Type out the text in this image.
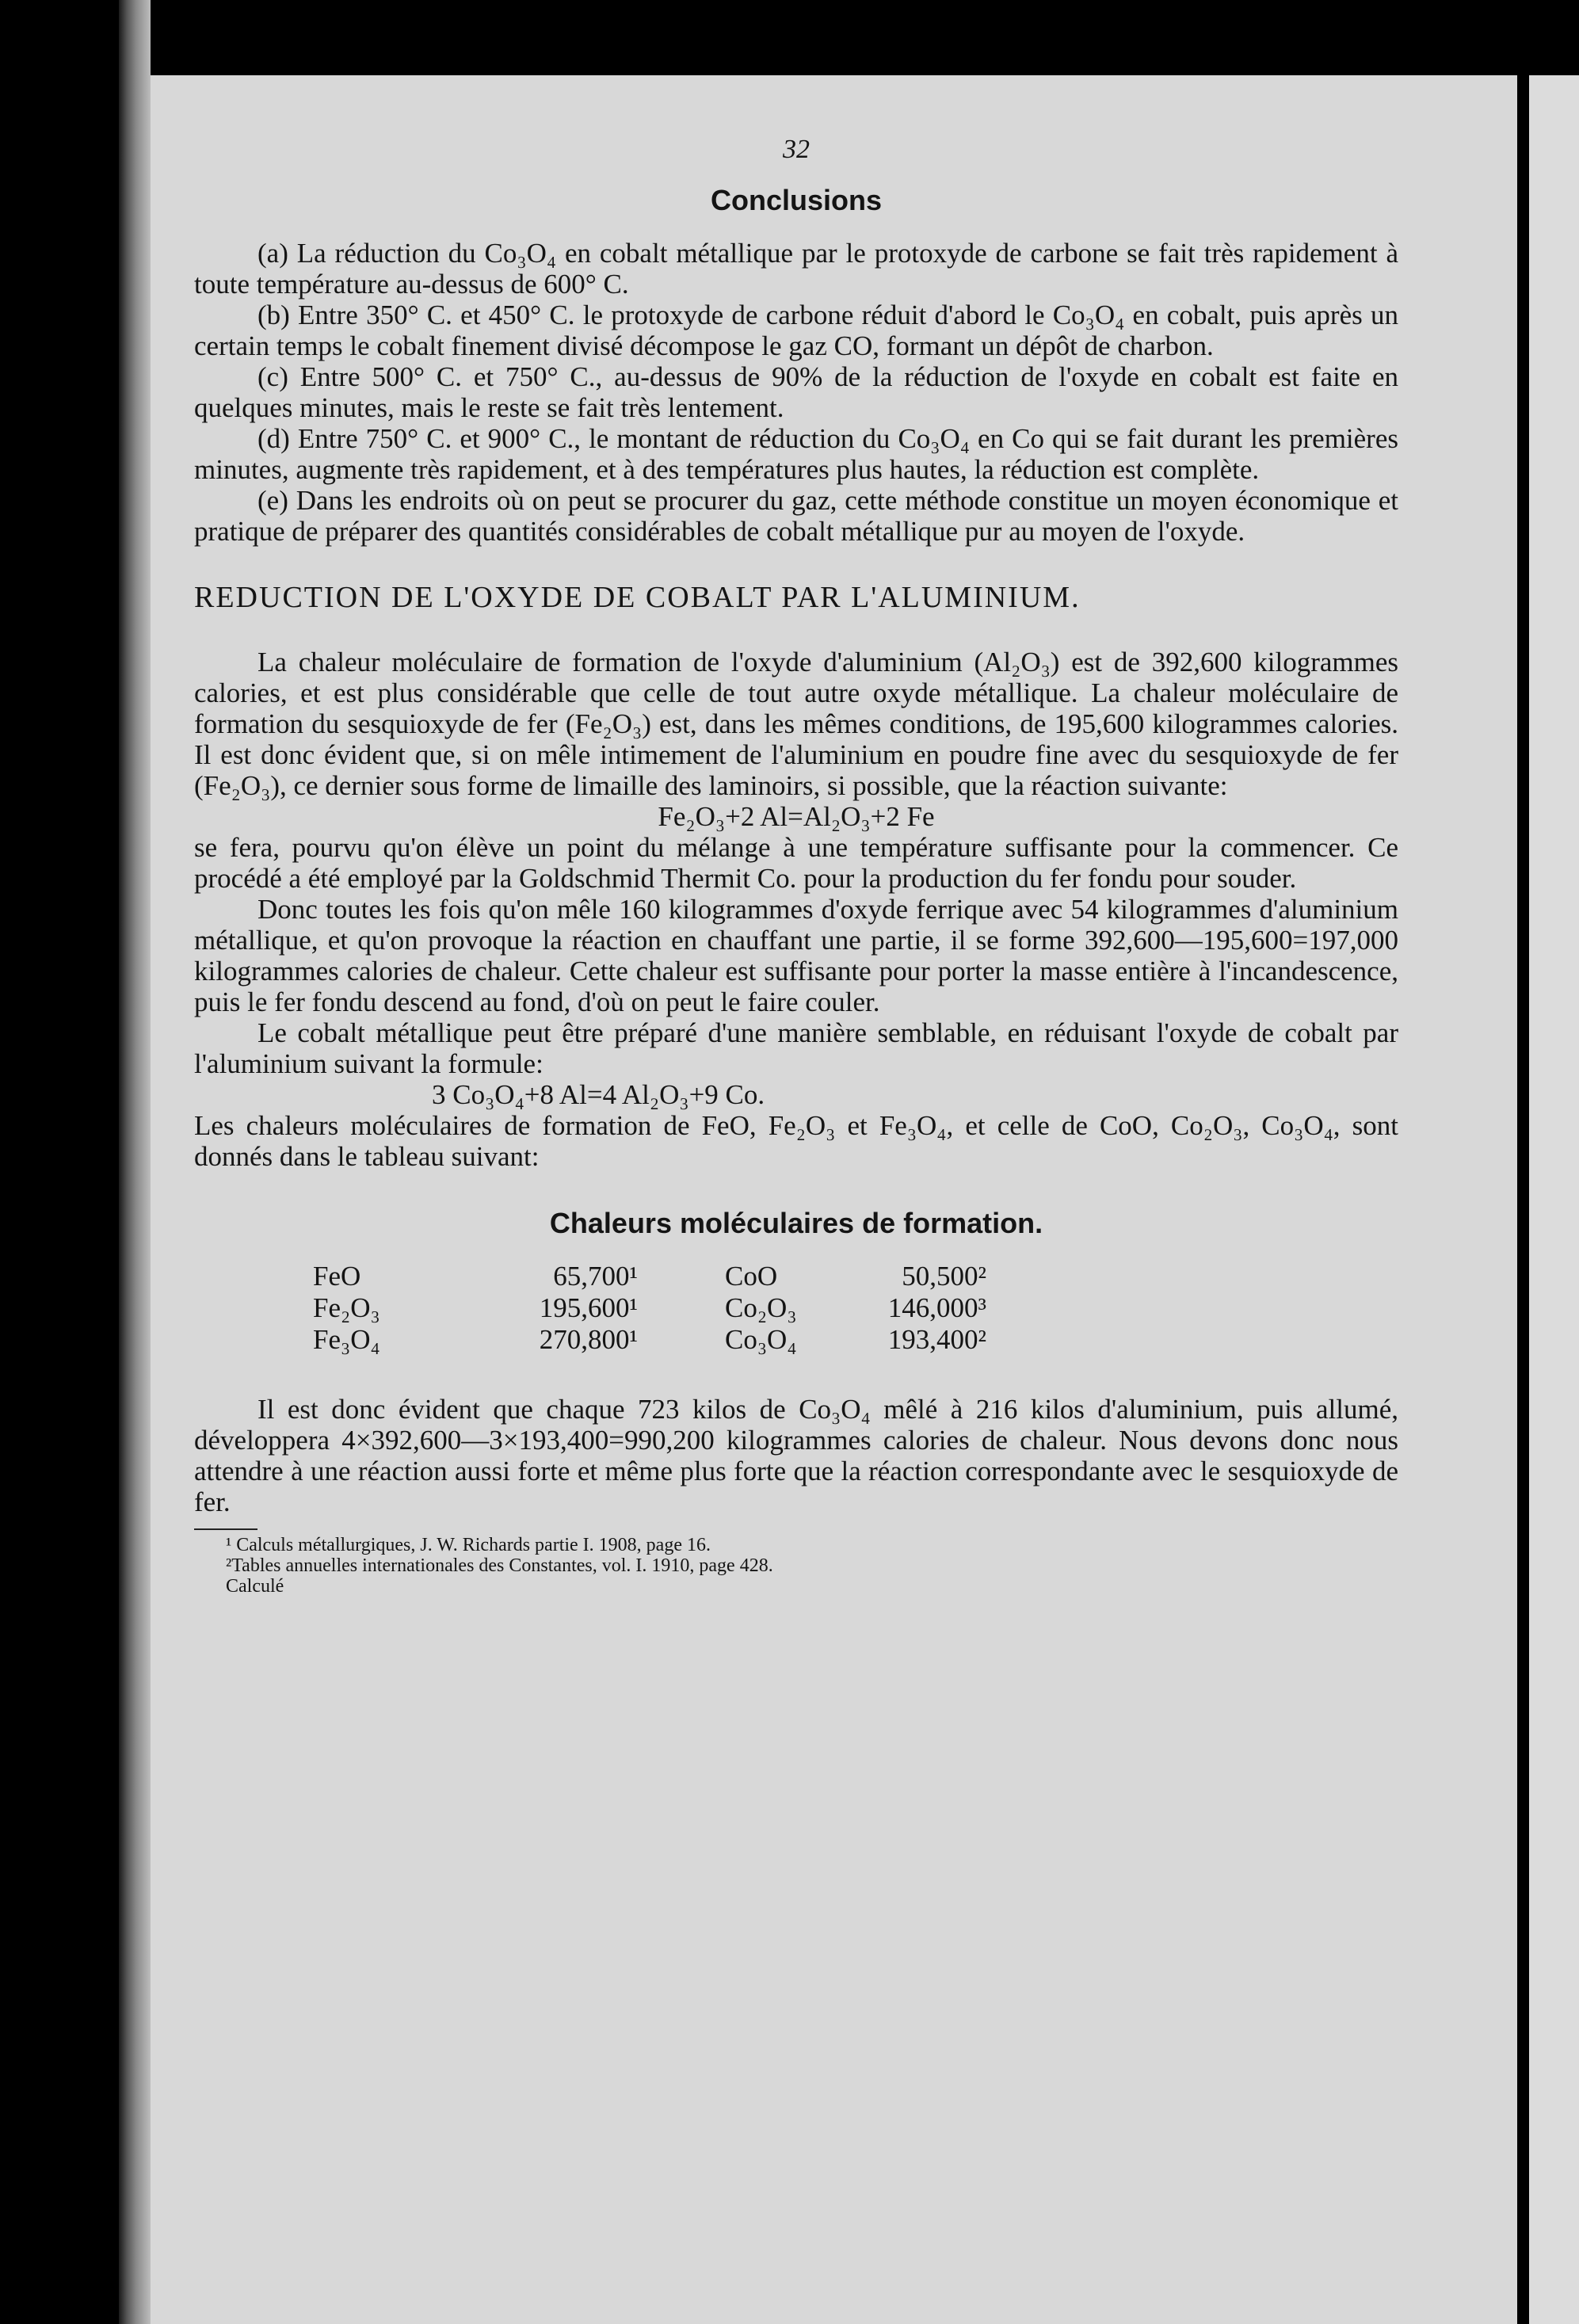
32
Conclusions

(a) La réduction du Co₃O₄ en cobalt métallique par le protoxyde de carbone se fait très rapidement à toute température au-dessus de 600° C.

(b) Entre 350° C. et 450° C. le protoxyde de carbone réduit d'abord le Co₃O₄ en cobalt, puis après un certain temps le cobalt finement divisé décompose le gaz CO, formant un dépôt de charbon.

(c) Entre 500° C. et 750° C., au-dessus de 90% de la réduction de l'oxyde en cobalt est faite en quelques minutes, mais le reste se fait très lentement.

(d) Entre 750° C. et 900° C., le montant de réduction du Co₃O₄ en Co qui se fait durant les premières minutes, augmente très rapidement, et à des températures plus hautes, la réduction est complète.

(e) Dans les endroits où on peut se procurer du gaz, cette méthode constitue un moyen économique et pratique de préparer des quantités considérables de cobalt métallique pur au moyen de l'oxyde.

REDUCTION DE L'OXYDE DE COBALT PAR L'ALUMINIUM.

La chaleur moléculaire de formation de l'oxyde d'aluminium (Al₂O₃) est de 392,600 kilogrammes calories, et est plus considérable que celle de tout autre oxyde métallique. La chaleur moléculaire de formation du sesquioxyde de fer (Fe₂O₃) est, dans les mêmes conditions, de 195,600 kilogrammes calories. Il est donc évident que, si on mêle intimement de l'aluminium en poudre fine avec du sesquioxyde de fer (Fe₂O₃), ce dernier sous forme de limaille des laminoirs, si possible, que la réaction suivante:

Fe₂O₃+2 Al=Al₂O₃+2 Fe

se fera, pourvu qu'on élève un point du mélange à une température suffisante pour la commencer. Ce procédé a été employé par la Goldschmid Thermit Co. pour la production du fer fondu pour souder.

Donc toutes les fois qu'on mêle 160 kilogrammes d'oxyde ferrique avec 54 kilogrammes d'aluminium métallique, et qu'on provoque la réaction en chauffant une partie, il se forme 392,600—195,600=197,000 kilogrammes calories de chaleur. Cette chaleur est suffisante pour porter la masse entière à l'incandescence, puis le fer fondu descend au fond, d'où on peut le faire couler.

Le cobalt métallique peut être préparé d'une manière semblable, en réduisant l'oxyde de cobalt par l'aluminium suivant la formule:

3 Co₃O₄+8 Al=4 Al₂O₃+9 Co.

Les chaleurs moléculaires de formation de FeO, Fe₂O₃ et Fe₃O₄, et celle de CoO, Co₂O₃, Co₃O₄, sont donnés dans le tableau suivant:

Chaleurs moléculaires de formation.
FeO	65,700¹		CoO	50,500²
Fe₂O₃	195,600¹		Co₂O₃	146,000³
Fe₃O₄	270,800¹		Co₃O₄	193,400²

Il est donc évident que chaque 723 kilos de Co₃O₄ mêlé à 216 kilos d'aluminium, puis allumé, développera 4×392,600—3×193,400=990,200 kilogrammes calories de chaleur. Nous devons donc nous attendre à une réaction aussi forte et même plus forte que la réaction correspondante avec le sesquioxyde de fer.

¹ Calculs métallurgiques, J. W. Richards partie I. 1908, page 16.

²Tables annuelles internationales des Constantes, vol. I. 1910, page 428.

Calculé
